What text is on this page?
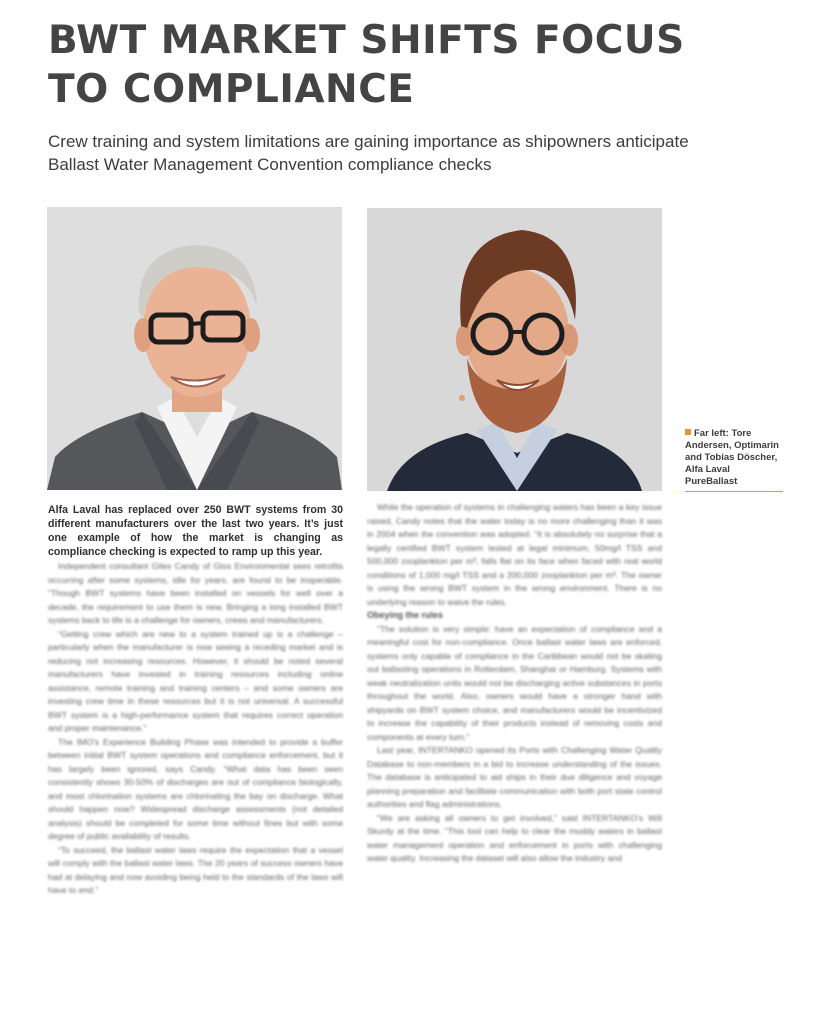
BWT MARKET SHIFTS FOCUS
TO COMPLIANCE

Crew training and system limitations are gaining importance as shipowners anticipate
Ballast Water Management Convention compliance checks

Far left: Tore Andersen, Optimarin and Tobias Döscher, Alfa Laval PureBallast

Alfa Laval has replaced over 250 BWT systems from 30 different manufacturers over the last two years. It’s just one example of how the market is changing as compliance checking is expected to ramp up this year.

Independent consultant Giles Candy of Glos Environmental sees retrofits occurring after some systems, idle for years, are found to be inoperable. “Though BWT systems have been installed on vessels for well over a decade, the requirement to use them is new. Bringing a long installed BWT systems back to life is a challenge for owners, crews and manufacturers.

“Getting crew which are new to a system trained up is a challenge – particularly when the manufacturer is now seeing a receding market and is reducing not increasing resources. However, it should be noted several manufacturers have invested in training resources including online assistance, remote training and training centers – and some owners are investing crew time in these resources but it is not universal. A successful BWT system is a high-performance system that requires correct operation and proper maintenance.”

The IMO’s Experience Building Phase was intended to provide a buffer between initial BWT system operations and compliance enforcement, but it has largely been ignored, says Candy. “What data has been seen consistently shows 30-50% of discharges are out of compliance biologically, and most chlorination systems are chlorinating the bay on discharge. What should happen now? Widespread discharge assessments (not detailed analysis) should be completed for some time without fines but with some degree of public availability of results.

“To succeed, the ballast water laws require the expectation that a vessel will comply with the ballast water laws. The 20 years of success owners have had at delaying and now avoiding being held to the standards of the laws will have to end.”

While the operation of systems in challenging waters has been a key issue raised, Candy notes that the water today is no more challenging than it was in 2004 when the convention was adopted. “It is absolutely no surprise that a legally certified BWT system tested at legal minimum, 50mg/l TSS and 500,000 zooplankton per m³, falls flat on its face when faced with real world conditions of 1,000 mg/l TSS and a 200,000 zooplankton per m³. The owner is using the wrong BWT system in the wrong environment. There is no underlying reason to waive the rules.

Obeying the rules

“The solution is very simple: have an expectation of compliance and a meaningful cost for non-compliance. Once ballast water laws are enforced, systems only capable of compliance in the Caribbean would not be skating out ballasting operations in Rotterdam, Shanghai or Hamburg. Systems with weak neutralization units would not be discharging active substances in ports throughout the world. Also, owners would have a stronger hand with shipyards on BWT system choice, and manufacturers would be incentivized to increase the capability of their products instead of removing costs and components at every turn.”

Last year, INTERTANKO opened its Ports with Challenging Water Quality Database to non-members in a bid to increase understanding of the issues. The database is anticipated to aid ships in their due diligence and voyage planning preparation and facilitate communication with both port state control authorities and flag administrations.

“We are asking all owners to get involved,” said INTERTANKO’s Will Skurdy at the time. “This tool can help to clear the muddy waters in ballast water management operation and enforcement in ports with challenging water quality. Increasing the dataset will also allow the industry and
